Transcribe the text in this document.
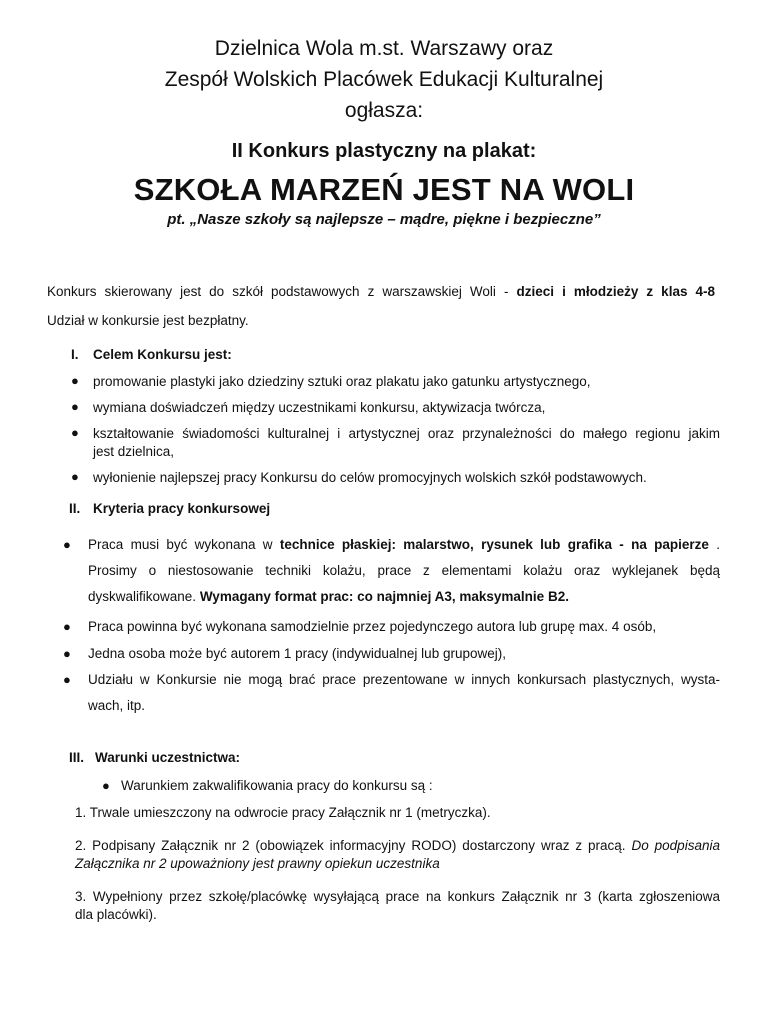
Dzielnica Wola m.st. Warszawy oraz
Zespół Wolskich Placówek Edukacji Kulturalnej
ogłasza:
II Konkurs plastyczny na plakat:
SZKOŁA MARZEŃ JEST NA WOLI
pt. „Nasze szkoły są najlepsze – mądre, piękne i bezpieczne”
Konkurs skierowany jest do szkół podstawowych z warszawskiej Woli - dzieci i młodzieży z klas 4-8
Udział w konkursie jest bezpłatny.
I. Celem Konkursu jest:
● promowanie plastyki jako dziedziny sztuki oraz plakatu jako gatunku artystycznego,
● wymiana doświadczeń między uczestnikami konkursu, aktywizacja twórcza,
● kształtowanie świadomości kulturalnej i artystycznej oraz przynależności do małego regionu jakim
jest dzielnica,
● wyłonienie najlepszej pracy Konkursu do celów promocyjnych wolskich szkół podstawowych.
II. Kryteria pracy konkursowej
● Praca musi być wykonana w technice płaskiej: malarstwo, rysunek lub grafika - na papierze .
Prosimy o niestosowanie techniki kolażu, prace z elementami kolażu oraz wyklejanek będą
dyskwalifikowane. Wymagany format prac: co najmniej A3, maksymalnie B2.
● Praca powinna być wykonana samodzielnie przez pojedynczego autora lub grupę max. 4 osób,
● Jedna osoba może być autorem 1 pracy (indywidualnej lub grupowej),
● Udziału w Konkursie nie mogą brać prace prezentowane w innych konkursach plastycznych, wysta-
wach, itp.
III. Warunki uczestnictwa:
● Warunkiem zakwalifikowania pracy do konkursu są :
1. Trwale umieszczony na odwrocie pracy Załącznik nr 1 (metryczka).
2. Podpisany Załącznik nr 2 (obowiązek informacyjny RODO) dostarczony wraz z pracą. Do podpisania
Załącznika nr 2 upoważniony jest prawny opiekun uczestnika
3. Wypełniony przez szkołę/placówkę wysyłającą prace na konkurs Załącznik nr 3 (karta zgłoszeniowa
dla placówki).
